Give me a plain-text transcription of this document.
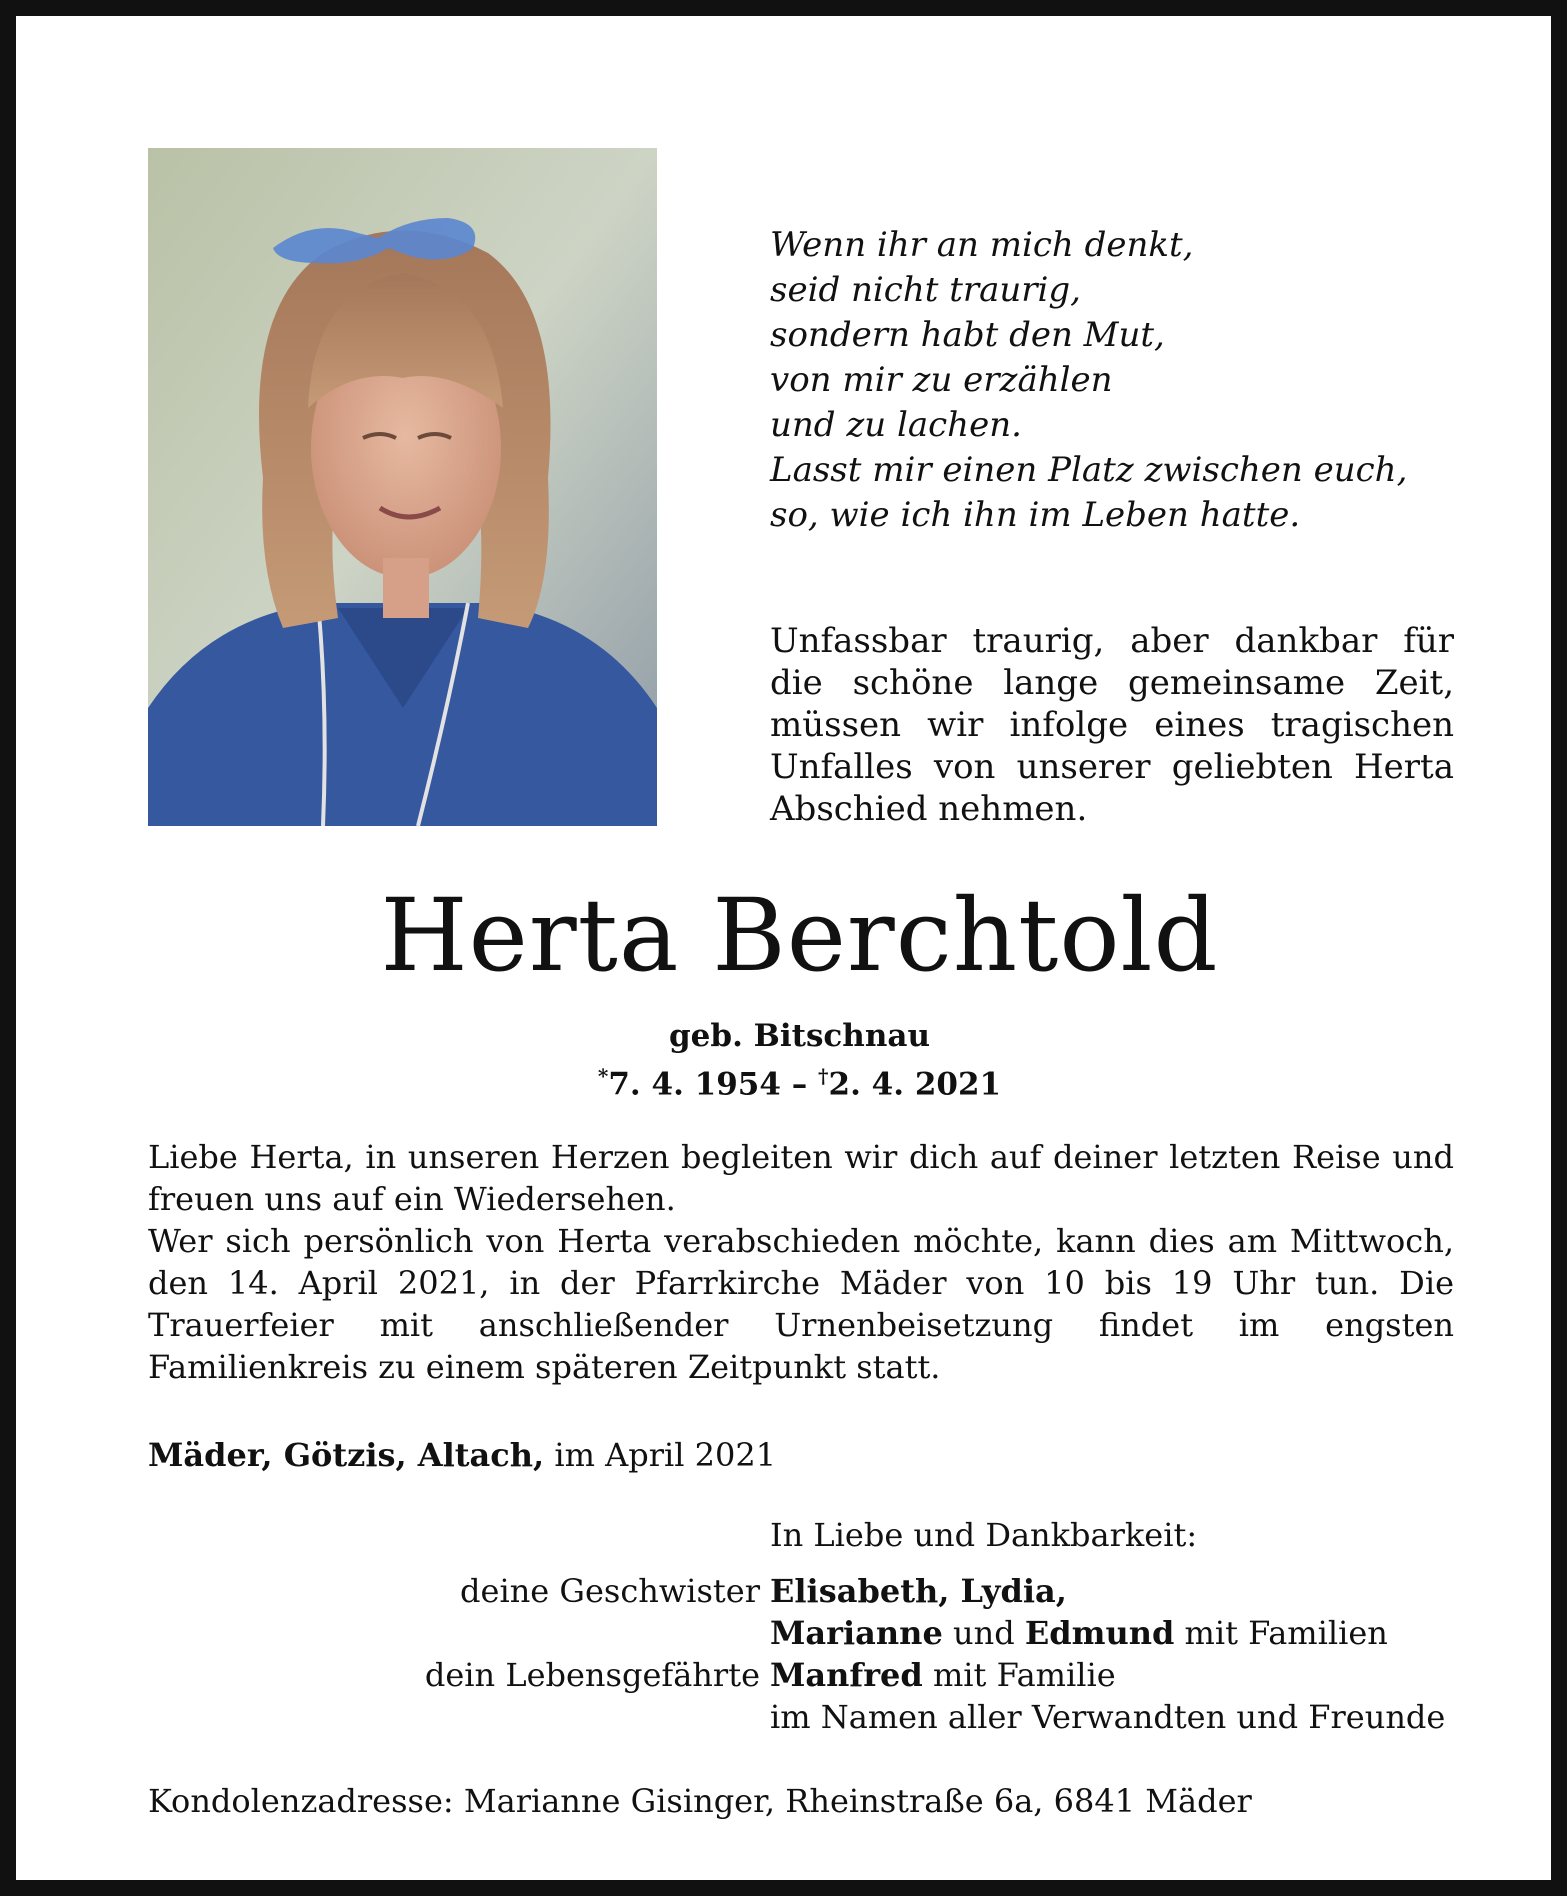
Wenn ihr an mich denkt,
seid nicht traurig,
sondern habt den Mut,
von mir zu erzählen
und zu lachen.
Lasst mir einen Platz zwischen euch,
so, wie ich ihn im Leben hatte.
Unfassbar traurig, aber dankbar für die schöne lange gemeinsame Zeit, müssen wir infolge eines tragischen Unfalles von unserer geliebten Herta Abschied nehmen.
Herta Berchtold
geb. Bitschnau
*7. 4. 1954 – †2. 4. 2021

Liebe Herta, in unseren Herzen begleiten wir dich auf deiner letzten Reise und freuen uns auf ein Wiedersehen.

Wer sich persönlich von Herta verabschieden möchte, kann dies am Mittwoch, den 14. April 2021, in der Pfarrkirche Mäder von 10 bis 19 Uhr tun. Die Trauerfeier mit anschließender Urnenbeisetzung findet im engsten Familienkreis zu einem späteren Zeitpunkt statt.

Mäder, Götzis, Altach, im April 2021
In Liebe und Dankbarkeit:
deine Geschwister Elisabeth, Lydia,
Marianne und Edmund mit Familien
dein Lebensgefährte Manfred mit Familie
im Namen aller Verwandten und Freunde
Kondolenzadresse: Marianne Gisinger, Rheinstraße 6a, 6841 Mäder
